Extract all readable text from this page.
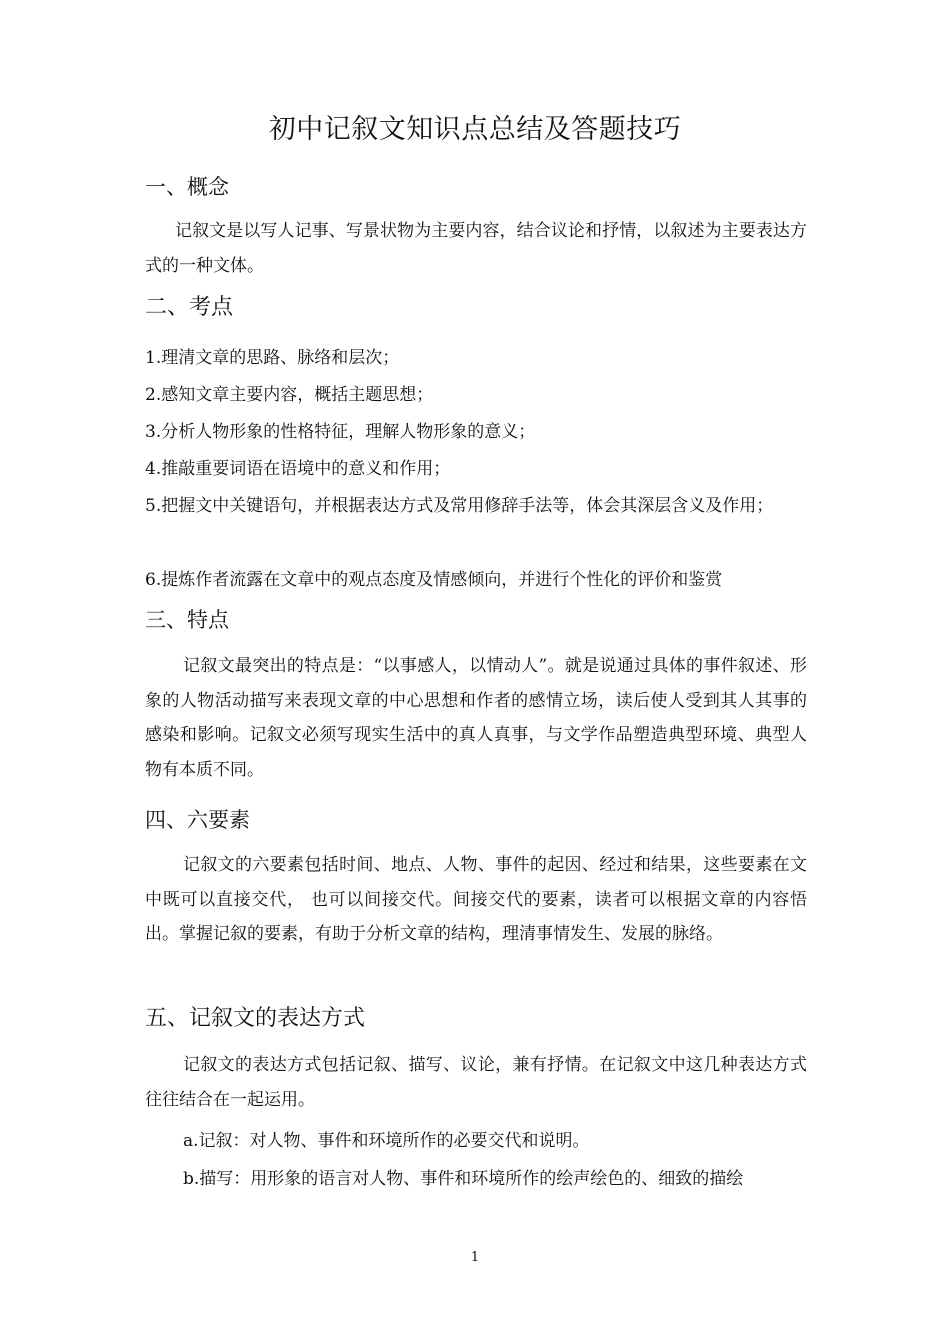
初中记叙文知识点总结及答题技巧
一、概念
记叙文是以写人记事、写景状物为主要内容，结合议论和抒情，以叙述为主要表达方式的一种文体。
二、考点
1.理清文章的思路、脉络和层次；
2.感知文章主要内容，概括主题思想；
3.分析人物形象的性格特征，理解人物形象的意义；
4.推敲重要词语在语境中的意义和作用；
5.把握文中关键语句，并根据表达方式及常用修辞手法等，体会其深层含义及作用；
6.提炼作者流露在文章中的观点态度及情感倾向，并进行个性化的评价和鉴赏
三、特点
记叙文最突出的特点是：“以事感人，以情动人”。就是说通过具体的事件叙述、形象的人物活动描写来表现文章的中心思想和作者的感情立场，读后使人受到其人其事的感染和影响。记叙文必须写现实生活中的真人真事，与文学作品塑造典型环境、典型人物有本质不同。
四、六要素
记叙文的六要素包括时间、地点、人物、事件的起因、经过和结果，这些要素在文中既可以直接交代， 也可以间接交代。间接交代的要素，读者可以根据文章的内容悟出。掌握记叙的要素，有助于分析文章的结构，理清事情发生、发展的脉络。
五、记叙文的表达方式
记叙文的表达方式包括记叙、描写、议论，兼有抒情。在记叙文中这几种表达方式往往结合在一起运用。
a.记叙：对人物、事件和环境所作的必要交代和说明。
b.描写：用形象的语言对人物、事件和环境所作的绘声绘色的、细致的描绘
1
